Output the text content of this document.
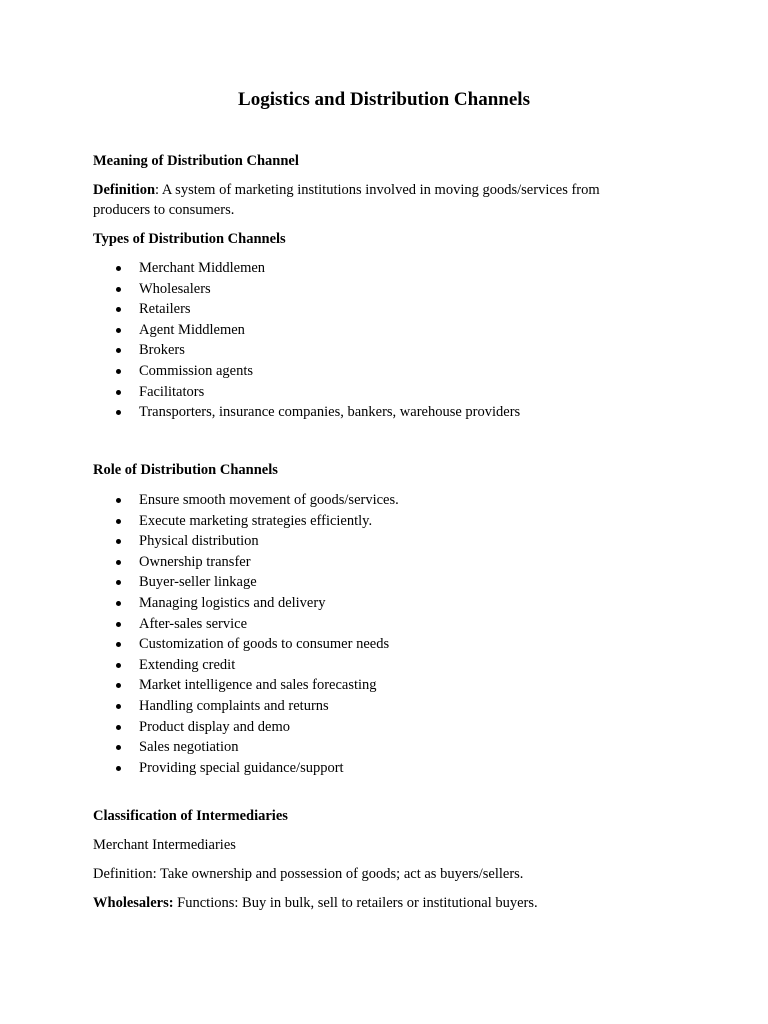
Logistics and Distribution Channels

Meaning of Distribution Channel

Definition: A system of marketing institutions involved in moving goods/services from producers to consumers.

Types of Distribution Channels

Merchant Middlemen
Wholesalers
Retailers
Agent Middlemen
Brokers
Commission agents
Facilitators
Transporters, insurance companies, bankers, warehouse providers

Role of Distribution Channels

Ensure smooth movement of goods/services.
Execute marketing strategies efficiently.
Physical distribution
Ownership transfer
Buyer-seller linkage
Managing logistics and delivery
After-sales service
Customization of goods to consumer needs
Extending credit
Market intelligence and sales forecasting
Handling complaints and returns
Product display and demo
Sales negotiation
Providing special guidance/support

Classification of Intermediaries

Merchant Intermediaries

Definition: Take ownership and possession of goods; act as buyers/sellers.

Wholesalers: Functions: Buy in bulk, sell to retailers or institutional buyers.
